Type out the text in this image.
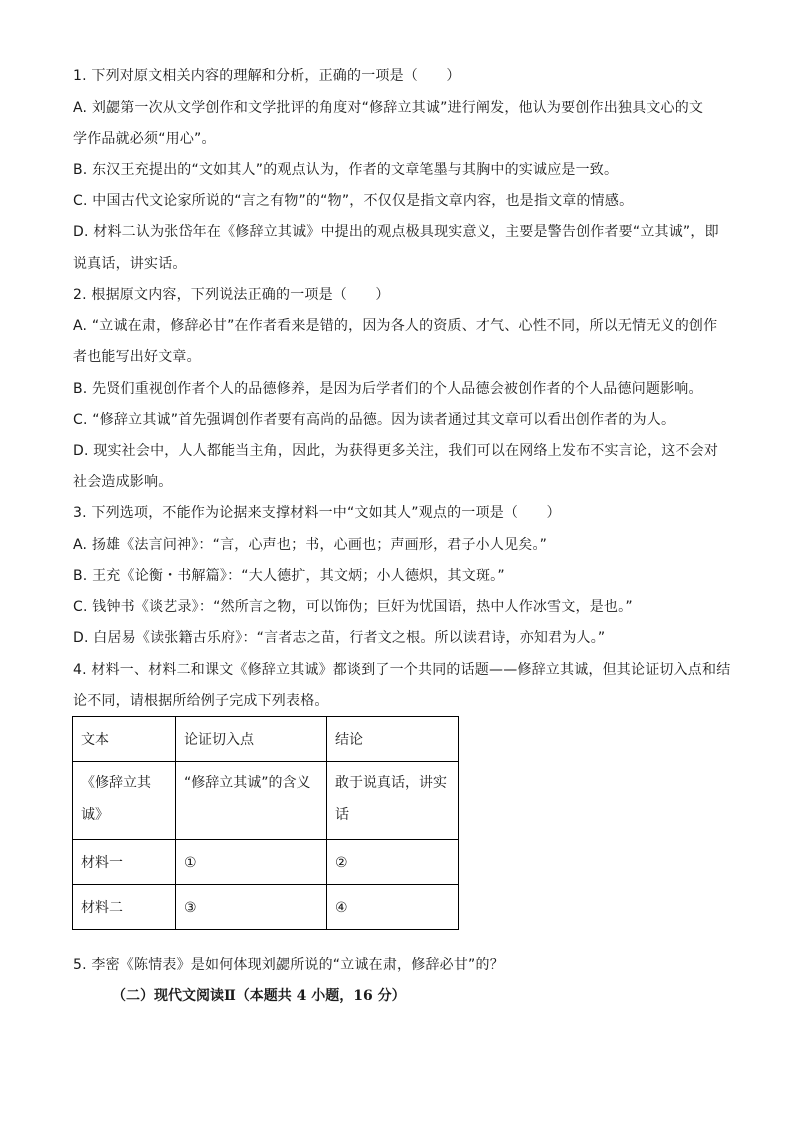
1. 下列对原文相关内容的理解和分析，正确的一项是（　　）
A. 刘勰第一次从文学创作和文学批评的角度对“修辞立其诚”进行阐发，他认为要创作出独具文心的文
学作品就必须“用心”。
B. 东汉王充提出的“文如其人”的观点认为，作者的文章笔墨与其胸中的实诚应是一致。
C. 中国古代文论家所说的“言之有物”的“物”，不仅仅是指文章内容，也是指文章的情感。
D. 材料二认为张岱年在《修辞立其诚》中提出的观点极具现实意义，主要是警告创作者要“立其诚”，即
说真话，讲实话。
2. 根据原文内容，下列说法正确的一项是（　　）
A. “立诚在肃，修辞必甘”在作者看来是错的，因为各人的资质、才气、心性不同，所以无情无义的创作
者也能写出好文章。
B. 先贤们重视创作者个人的品德修养，是因为后学者们的个人品德会被创作者的个人品德问题影响。
C. “修辞立其诚”首先强调创作者要有高尚的品德。因为读者通过其文章可以看出创作者的为人。
D. 现实社会中，人人都能当主角，因此，为获得更多关注，我们可以在网络上发布不实言论，这不会对
社会造成影响。
3. 下列选项，不能作为论据来支撑材料一中“文如其人”观点的一项是（　　）
A. 扬雄《法言问神》：“言，心声也；书，心画也；声画形，君子小人见矣。”
B. 王充《论衡・书解篇》：“大人德扩，其文炳；小人德炽，其文斑。”
C. 钱钟书《谈艺录》：“然所言之物，可以饰伪；巨奸为忧国语，热中人作冰雪文，是也。”
D. 白居易《读张籍古乐府》：“言者志之苗，行者文之根。所以读君诗，亦知君为人。”
4. 材料一、材料二和课文《修辞立其诚》都谈到了一个共同的话题——修辞立其诚，但其论证切入点和结
论不同，请根据所给例子完成下列表格。
文本	论证切入点	结论
《修辞立其诚》	“修辞立其诚”的含义	敢于说真话，讲实话
材料一	①	②
材料二	③	④
5. 李密《陈情表》是如何体现刘勰所说的“立诚在肃，修辞必甘”的？
（二）现代文阅读Ⅱ（本题共 4 小题，16 分）
